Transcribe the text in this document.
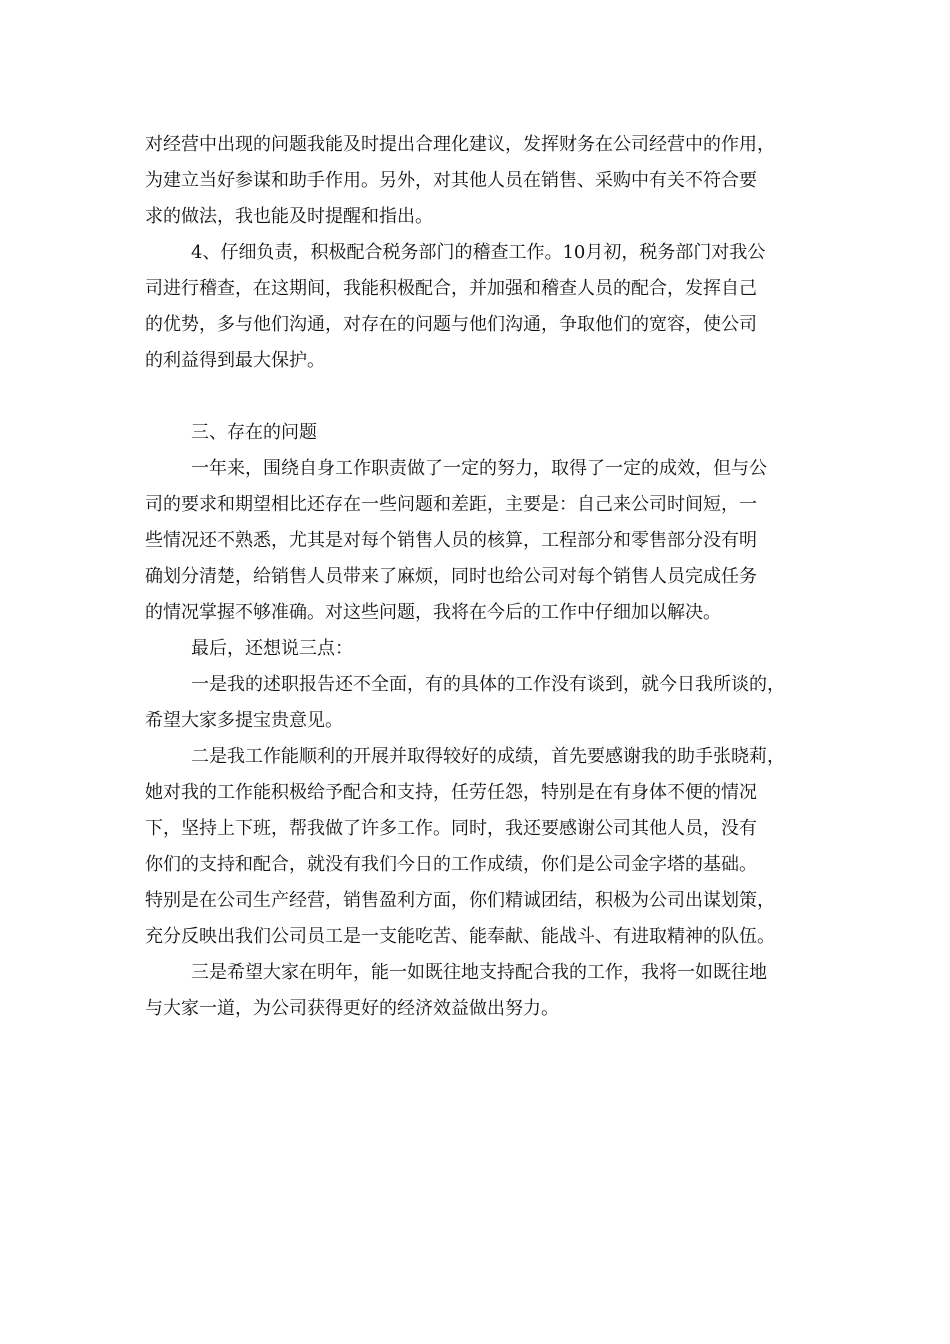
对经营中出现的问题我能及时提出合理化建议，发挥财务在公司经营中的作用，
为建立当好参谋和助手作用。另外，对其他人员在销售、采购中有关不符合要
求的做法，我也能及时提醒和指出。
4、仔细负责，积极配合税务部门的稽查工作。10月初，税务部门对我公
司进行稽查，在这期间，我能积极配合，并加强和稽查人员的配合，发挥自己
的优势，多与他们沟通，对存在的问题与他们沟通，争取他们的宽容，使公司
的利益得到最大保护。
三、存在的问题
一年来，围绕自身工作职责做了一定的努力，取得了一定的成效，但与公
司的要求和期望相比还存在一些问题和差距，主要是：自己来公司时间短，一
些情况还不熟悉，尤其是对每个销售人员的核算，工程部分和零售部分没有明
确划分清楚，给销售人员带来了麻烦，同时也给公司对每个销售人员完成任务
的情况掌握不够准确。对这些问题，我将在今后的工作中仔细加以解决。
最后，还想说三点：
一是我的述职报告还不全面，有的具体的工作没有谈到，就今日我所谈的，
希望大家多提宝贵意见。
二是我工作能顺利的开展并取得较好的成绩，首先要感谢我的助手张晓莉，
她对我的工作能积极给予配合和支持，任劳任怨，特别是在有身体不便的情况
下，坚持上下班，帮我做了许多工作。同时，我还要感谢公司其他人员，没有
你们的支持和配合，就没有我们今日的工作成绩，你们是公司金字塔的基础。
特别是在公司生产经营，销售盈利方面，你们精诚团结，积极为公司出谋划策，
充分反映出我们公司员工是一支能吃苦、能奉献、能战斗、有进取精神的队伍。
三是希望大家在明年，能一如既往地支持配合我的工作，我将一如既往地
与大家一道，为公司获得更好的经济效益做出努力。
